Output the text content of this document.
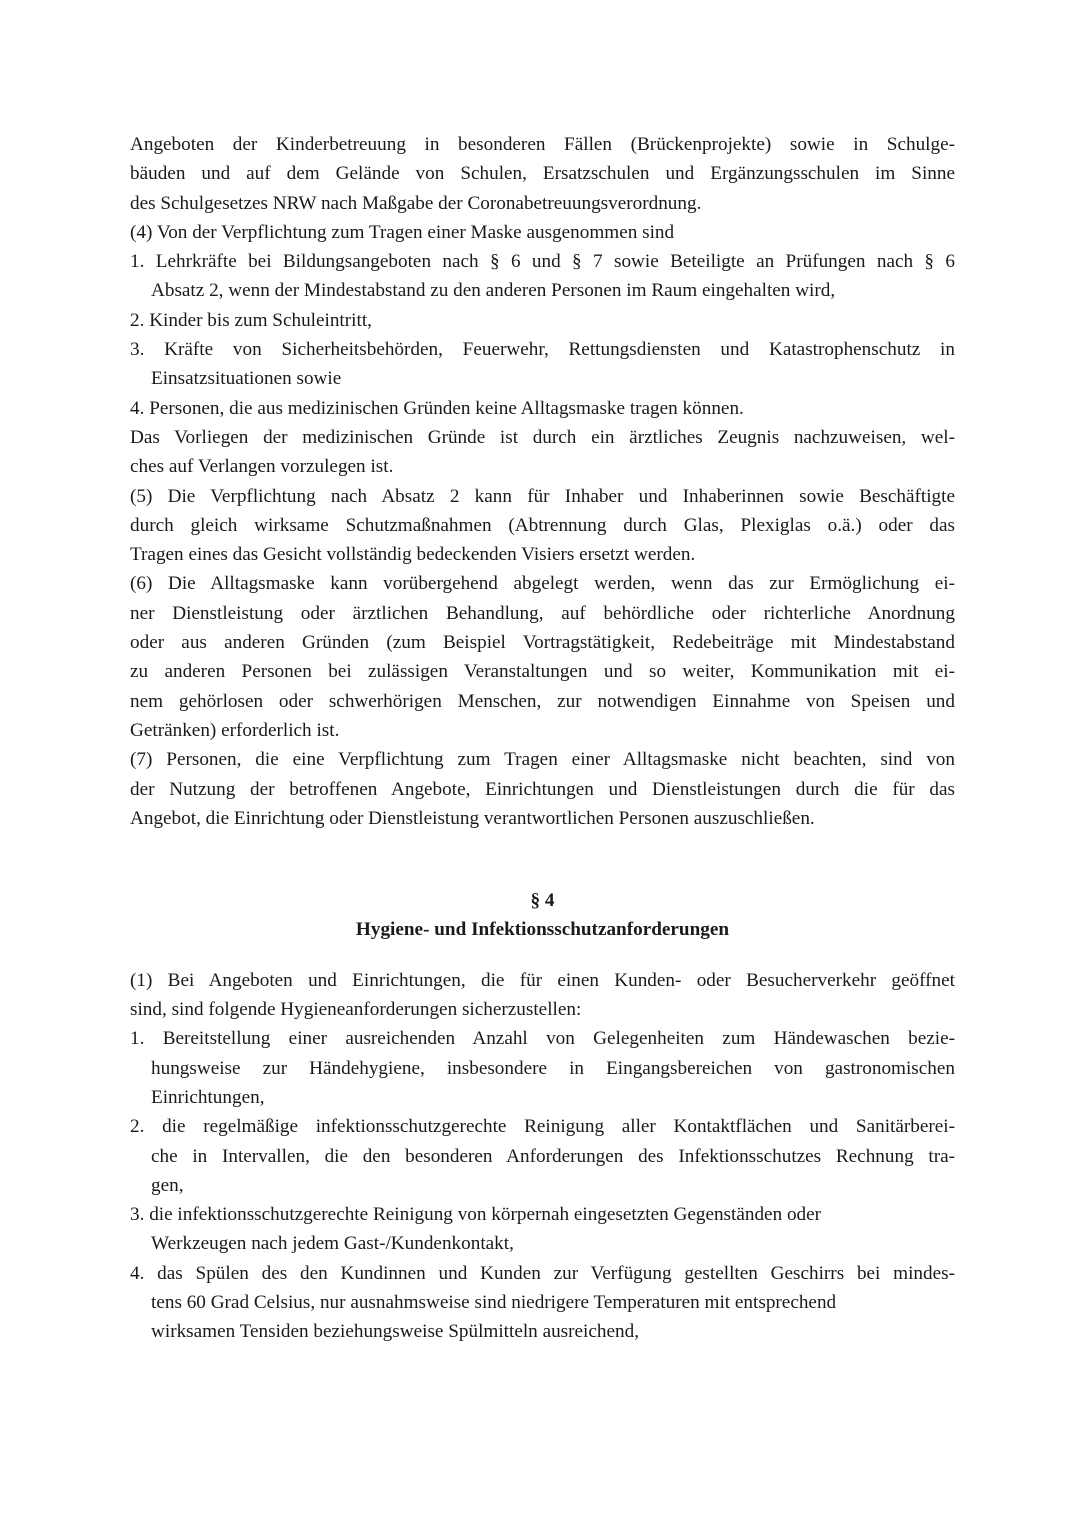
Angeboten der Kinderbetreuung in besonderen Fällen (Brückenprojekte) sowie in Schulge-
bäuden und auf dem Gelände von Schulen, Ersatzschulen und Ergänzungsschulen im Sinne
des Schulgesetzes NRW nach Maßgabe der Coronabetreuungsverordnung.
(4) Von der Verpflichtung zum Tragen einer Maske ausgenommen sind
1. Lehrkräfte bei Bildungsangeboten nach § 6 und § 7 sowie Beteiligte an Prüfungen nach § 6
Absatz 2, wenn der Mindestabstand zu den anderen Personen im Raum eingehalten wird,
2. Kinder bis zum Schuleintritt,
3. Kräfte von Sicherheitsbehörden, Feuerwehr, Rettungsdiensten und Katastrophenschutz in
Einsatzsituationen sowie
4. Personen, die aus medizinischen Gründen keine Alltagsmaske tragen können.
Das Vorliegen der medizinischen Gründe ist durch ein ärztliches Zeugnis nachzuweisen, wel-
ches auf Verlangen vorzulegen ist.
(5) Die Verpflichtung nach Absatz 2 kann für Inhaber und Inhaberinnen sowie Beschäftigte
durch gleich wirksame Schutzmaßnahmen (Abtrennung durch Glas, Plexiglas o.ä.) oder das
Tragen eines das Gesicht vollständig bedeckenden Visiers ersetzt werden.
(6) Die Alltagsmaske kann vorübergehend abgelegt werden, wenn das zur Ermöglichung ei-
ner Dienstleistung oder ärztlichen Behandlung, auf behördliche oder richterliche Anordnung
oder aus anderen Gründen (zum Beispiel Vortragstätigkeit, Redebeiträge mit Mindestabstand
zu anderen Personen bei zulässigen Veranstaltungen und so weiter, Kommunikation mit ei-
nem gehörlosen oder schwerhörigen Menschen, zur notwendigen Einnahme von Speisen und
Getränken) erforderlich ist.
(7) Personen, die eine Verpflichtung zum Tragen einer Alltagsmaske nicht beachten, sind von
der Nutzung der betroffenen Angebote, Einrichtungen und Dienstleistungen durch die für das
Angebot, die Einrichtung oder Dienstleistung verantwortlichen Personen auszuschließen.
§ 4
Hygiene- und Infektionsschutzanforderungen
(1) Bei Angeboten und Einrichtungen, die für einen Kunden- oder Besucherverkehr geöffnet
sind, sind folgende Hygieneanforderungen sicherzustellen:
1. Bereitstellung einer ausreichenden Anzahl von Gelegenheiten zum Händewaschen bezie-
hungsweise zur Händehygiene, insbesondere in Eingangsbereichen von gastronomischen
Einrichtungen,
2. die regelmäßige infektionsschutzgerechte Reinigung aller Kontaktflächen und Sanitärberei-
che in Intervallen, die den besonderen Anforderungen des Infektionsschutzes Rechnung tra-
gen,
3. die infektionsschutzgerechte Reinigung von körpernah eingesetzten Gegenständen oder
Werkzeugen nach jedem Gast-/Kundenkontakt,
4. das Spülen des den Kundinnen und Kunden zur Verfügung gestellten Geschirrs bei mindes-
tens 60 Grad Celsius, nur ausnahmsweise sind niedrigere Temperaturen mit entsprechend
wirksamen Tensiden beziehungsweise Spülmitteln ausreichend,
